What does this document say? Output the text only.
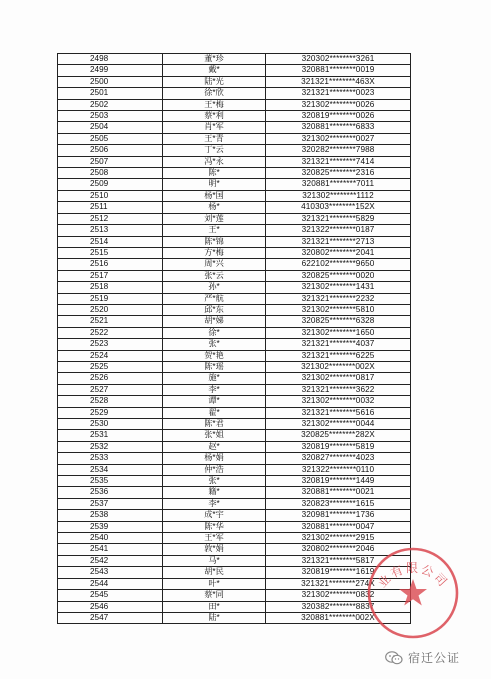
2498	董*珍	320302********3261
2499	戴*	320881********0019
2500	陆*光	321321********463X
2501	徐*欣	321321********0023
2502	王*梅	321302********0026
2503	蔡*利	320819********0026
2504	肖*军	320881********6833
2505	王*青	321302********0027
2506	丁*云	320282********7988
2507	冯*永	321321********7414
2508	陈*	320825********2316
2509	明*	320881********7011
2510	杨*国	321302********1112
2511	杨*	410303********152X
2512	刘*莲	321321********5829
2513	王*	321322********0187
2514	陈*锦	321321********2713
2515	方*梅	320802********2041
2516	周*兴	622102********9650
2517	张*云	320825********0020
2518	孙*	321302********1431
2519	严*航	321321********2232
2520	邱*东	321302********5810
2521	胡*娣	320825********6328
2522	徐*	321302********1650
2523	张*	321321********4037
2524	贺*艳	321321********6225
2525	陈*瑶	321302********002X
2526	施*	321302********0817
2527	李*	321321********3622
2528	谭*	321302********0032
2529	翟*	321321********5616
2530	陈*君	321302********0044
2531	张*姐	320825********282X
2532	赵*	320819********5819
2533	杨*娟	320827********4023
2534	仲*浩	321322********0110
2535	张*	320819********1449
2536	籍*	320881********0021
2537	李*	320823********1615
2538	成*宇	320981********1736
2539	陈*华	320881********0047
2540	王*军	321302********2915
2541	敦*娟	320802********2046
2542	马*	321321********5817
2543	胡*民	320819********1619
2544	叶*	321321********274X
2545	蔡*同	321302********0832
2546	田*	320382********8837
2547	陆*	320881********002X
业有限公司
宿迁公证
